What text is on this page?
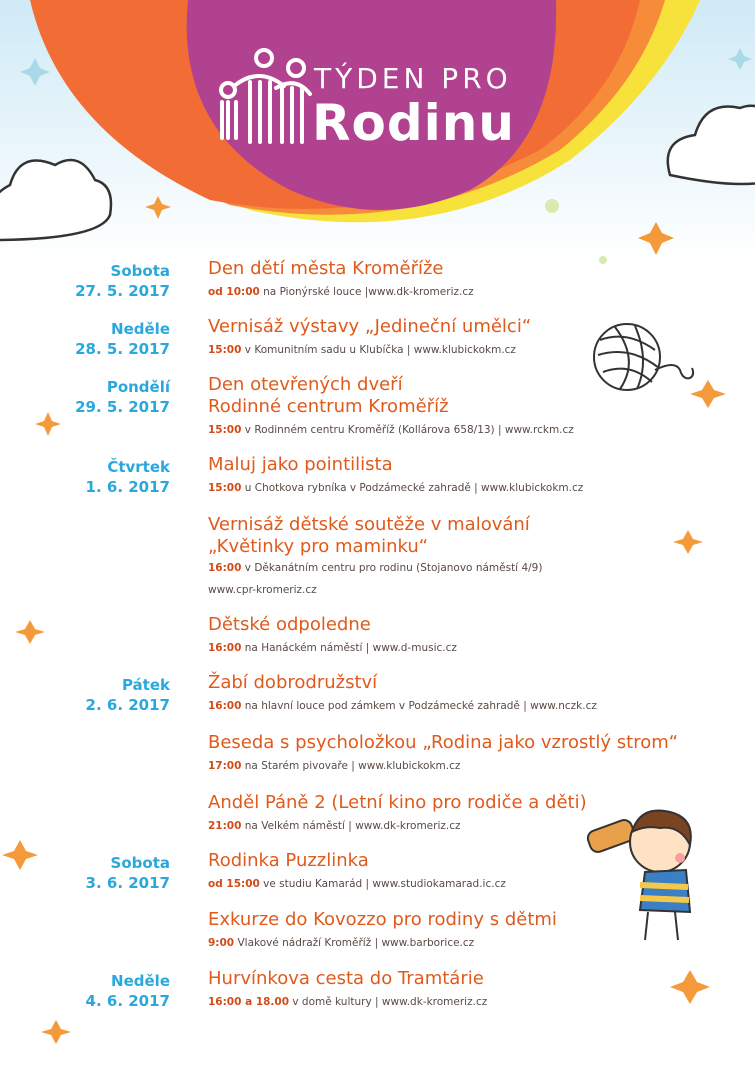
TÝDEN PRO
Rodinu
Sobota
27. 5. 2017
Den dětí města Kroměříže
od 10:00 na Pionýrské louce |www.dk-kromeriz.cz
Neděle
28. 5. 2017
Vernisáž výstavy „Jedineční umělci“
15:00 v Komunitním sadu u Klubíčka | www.klubickokm.cz
Pondělí
29. 5. 2017
Den otevřených dveří
Rodinné centrum Kroměříž
15:00 v Rodinném centru Kroměříž (Kollárova 658/13) | www.rckm.cz
Čtvrtek
1. 6. 2017
Maluj jako pointilista
15:00 u Chotkova rybníka v Podzámecké zahradě | www.klubickokm.cz
Vernisáž dětské soutěže v malování
„Květinky pro maminku“
16:00 v Děkanátním centru pro rodinu (Stojanovo náměstí 4/9)
www.cpr-kromeriz.cz
Dětské odpoledne
16:00 na Hanáckém náměstí | www.d-music.cz
Pátek
2. 6. 2017
Žabí dobrodružství
16:00 na hlavní louce pod zámkem v Podzámecké zahradě | www.nczk.cz
Beseda s psycholožkou „Rodina jako vzrostlý strom“
17:00 na Starém pivovaře | www.klubickokm.cz
Anděl Páně 2 (Letní kino pro rodiče a děti)
21:00 na Velkém náměstí | www.dk-kromeriz.cz
Sobota
3. 6. 2017
Rodinka Puzzlinka
od 15:00 ve studiu Kamarád | www.studiokamarad.ic.cz
Exkurze do Kovozzo pro rodiny s dětmi
9:00 Vlakové nádraží Kroměříž | www.barborice.cz
Neděle
4. 6. 2017
Hurvínkova cesta do Tramtárie
16:00 a 18.00 v domě kultury | www.dk-kromeriz.cz
